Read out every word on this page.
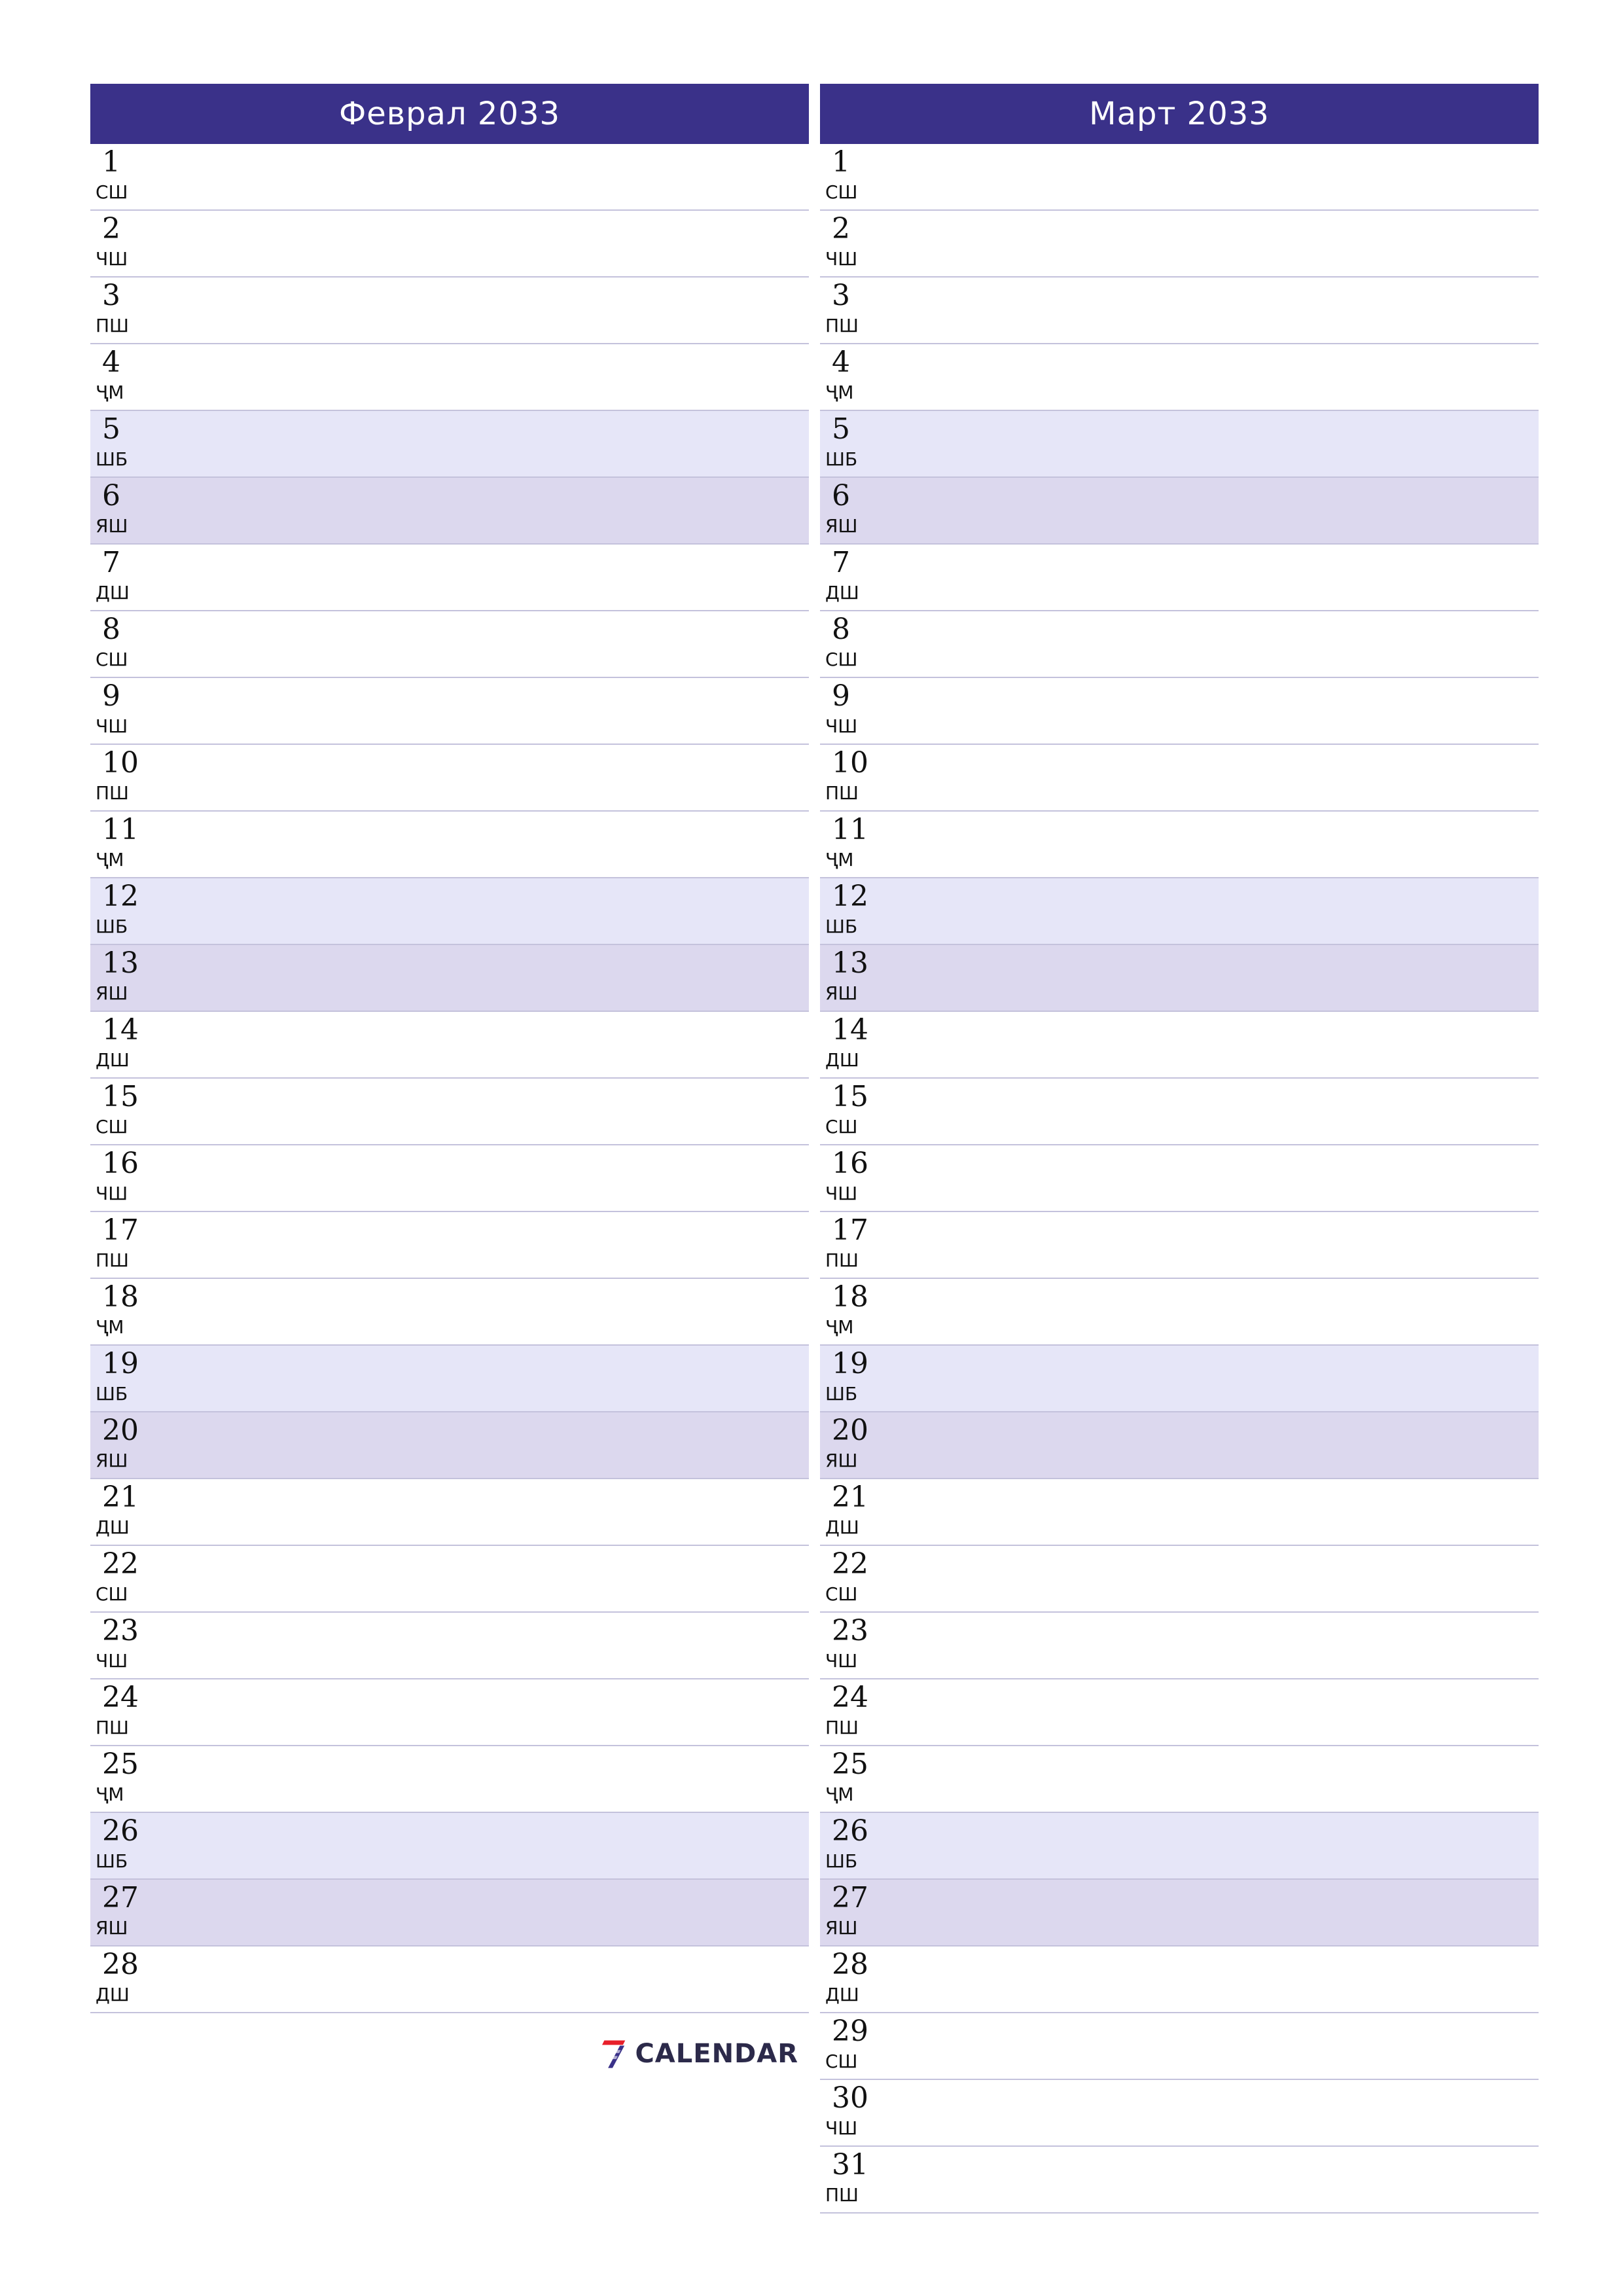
Феврал 2033
1
СШ
2
ЧШ
3
ПШ
4
ҶМ
5
ШБ
6
ЯШ
7
ДШ
8
СШ
9
ЧШ
10
ПШ
11
ҶМ
12
ШБ
13
ЯШ
14
ДШ
15
СШ
16
ЧШ
17
ПШ
18
ҶМ
19
ШБ
20
ЯШ
21
ДШ
22
СШ
23
ЧШ
24
ПШ
25
ҶМ
26
ШБ
27
ЯШ
28
ДШ
Март 2033
1
СШ
2
ЧШ
3
ПШ
4
ҶМ
5
ШБ
6
ЯШ
7
ДШ
8
СШ
9
ЧШ
10
ПШ
11
ҶМ
12
ШБ
13
ЯШ
14
ДШ
15
СШ
16
ЧШ
17
ПШ
18
ҶМ
19
ШБ
20
ЯШ
21
ДШ
22
СШ
23
ЧШ
24
ПШ
25
ҶМ
26
ШБ
27
ЯШ
28
ДШ
29
СШ
30
ЧШ
31
ПШ
CALENDAR
